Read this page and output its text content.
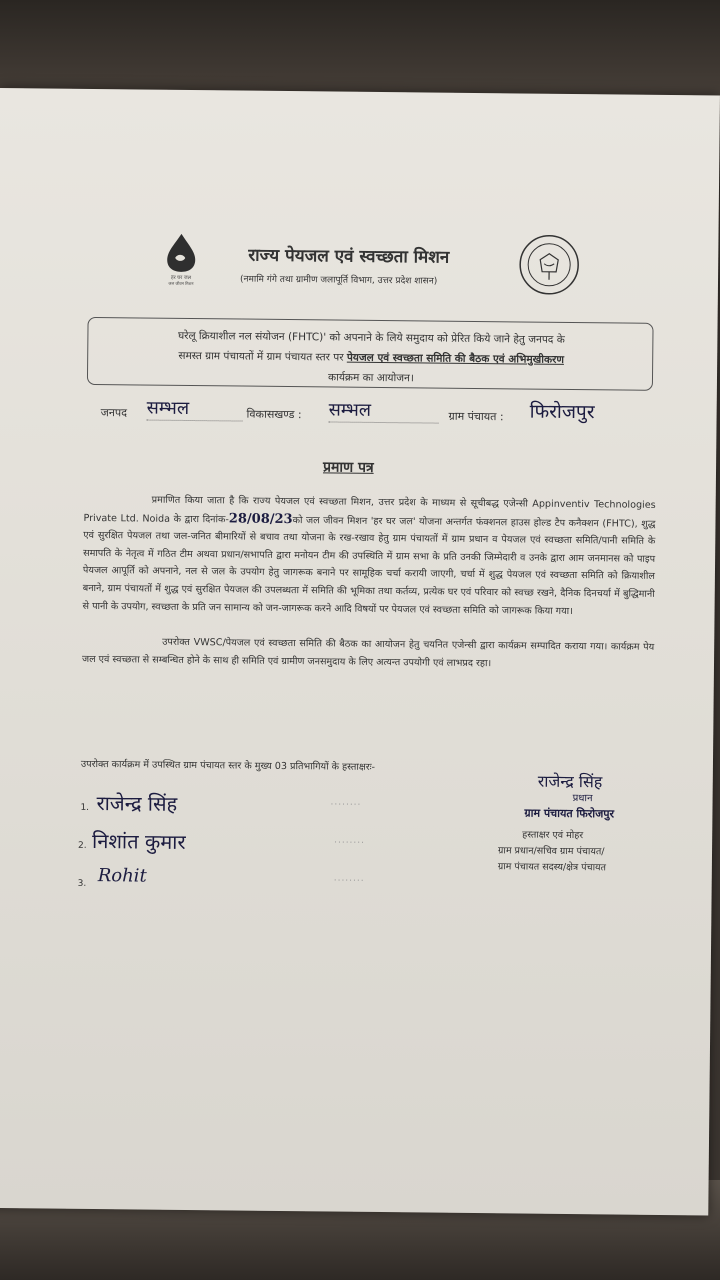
हर घर जल
जल जीवन मिशन
राज्य पेयजल एवं स्वच्छता मिशन
(नमामि गंगे तथा ग्रामीण जलापूर्ति विभाग, उत्तर प्रदेश शासन)
घरेलू क्रियाशील नल संयोजन (FHTC)' को अपनाने के लिये समुदाय को प्रेरित किये जाने हेतु जनपद के
समस्त ग्राम पंचायतों में ग्राम पंचायत स्तर पर पेयजल एवं स्वच्छता समिति की बैठक एवं अभिमुखीकरण
कार्यक्रम का आयोजन।
जनपद सम्भल	विकासखण्ड : सम्भल	ग्राम पंचायत : फिरोजपुर
प्रमाण पत्र
प्रमाणित किया जाता है कि राज्य पेयजल एवं स्वच्छता मिशन, उत्तर प्रदेश के माध्यम से सूचीबद्ध एजेन्सी Appinventiv Technologies Private Ltd. Noida के द्वारा दिनांक-28/08/23को जल जीवन मिशन 'हर घर जल' योजना अन्तर्गत फंक्शनल हाउस होल्ड टैप कनैक्शन (FHTC), शुद्ध एवं सुरक्षित पेयजल तथा जल-जनित बीमारियों से बचाव तथा योजना के रख-रखाव हेतु ग्राम पंचायतों में ग्राम प्रधान व पेयजल एवं स्वच्छता समिति/पानी समिति के समापति के नेतृत्व में गठित टीम अथवा प्रधान/सभापति द्वारा मनोयन टीम की उपस्थिति में ग्राम सभा के प्रति उनकी जिम्मेदारी व उनके द्वारा आम जनमानस को पाइप पेयजल आपूर्ति को अपनाने, नल से जल के उपयोग हेतु जागरूक बनाने पर सामूहिक चर्चा करायी जाएगी, चर्चा में शुद्ध पेयजल एवं स्वच्छता समिति को क्रियाशील बनाने, ग्राम पंचायतों में शुद्ध एवं सुरक्षित पेयजल की उपलब्धता में समिति की भूमिका तथा कर्तव्य, प्रत्येक घर एवं परिवार को स्वच्छ रखने, दैनिक दिनचर्या में बुद्धिमानी से पानी के उपयोग, स्वच्छता के प्रति जन सामान्य को जन-जागरूक करने आदि विषयों पर पेयजल एवं स्वच्छता समिति को जागरूक किया गया।
उपरोक्त VWSC/पेयजल एवं स्वच्छता समिति की बैठक का आयोजन हेतु चयनित एजेन्सी द्वारा कार्यक्रम सम्पादित कराया गया। कार्यक्रम पेय जल एवं स्वच्छता से सम्बन्धित होने के साथ ही समिति एवं ग्रामीण जनसमुदाय के लिए अत्यन्त उपयोगी एवं लाभप्रद रहा।
उपरोक्त कार्यक्रम में उपस्थित ग्राम पंचायत स्तर के मुख्य 03 प्रतिभागियों के हस्ताक्षरः-
1. राजेन्द्र सिंह	........
2. निशांत कुमार	........
3. Rohit	........
राजेन्द्र सिंह
प्रधान
ग्राम पंचायत फिरोजपुर
हस्ताक्षर एवं मोहर
ग्राम प्रधान/सचिव ग्राम पंचायत/
ग्राम पंचायत सदस्य/क्षेत्र पंचायत
